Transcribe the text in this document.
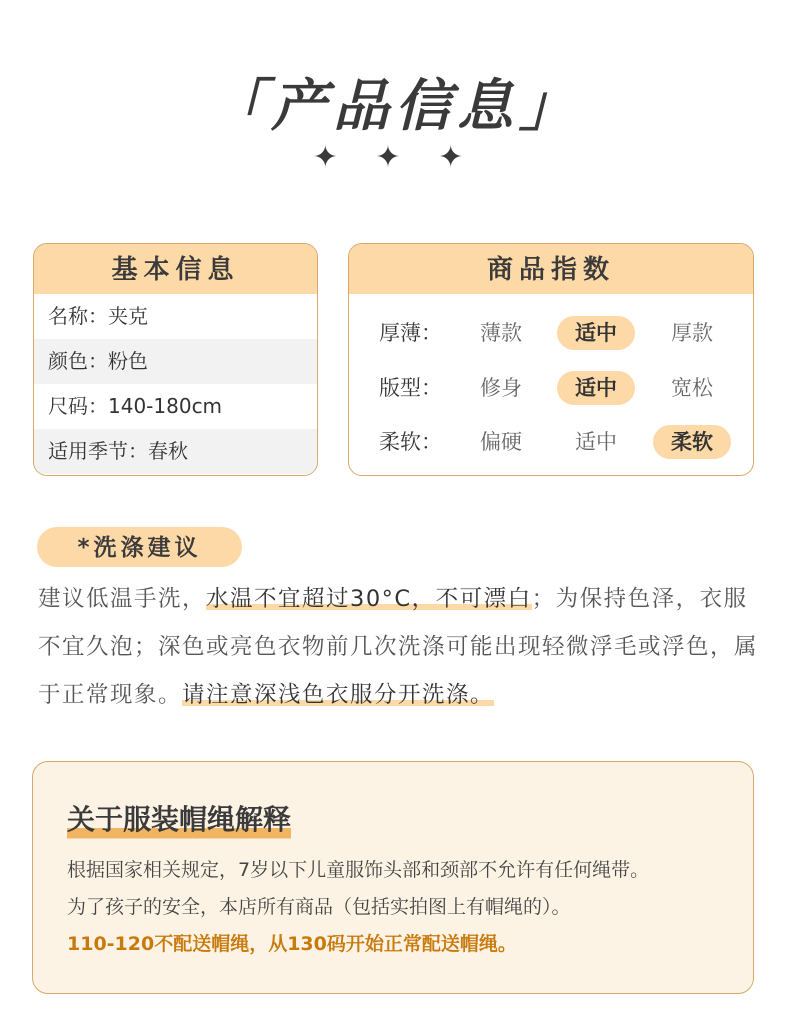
「产品信息」
✦ ✦ ✦
基本信息
名称：夹克
颜色：粉色
尺码：140-180cm
适用季节：春秋
商品指数
厚薄：	薄款	适中	厚款
版型：	修身	适中	宽松
柔软：	偏硬	适中	柔软
*洗涤建议
建议低温手洗，水温不宜超过30°C，不可漂白；为保持色泽，衣服不宜久泡；深色或亮色衣物前几次洗涤可能出现轻微浮毛或浮色，属于正常现象。请注意深浅色衣服分开洗涤。
关于服装帽绳解释
根据国家相关规定，7岁以下儿童服饰头部和颈部不允许有任何绳带。
为了孩子的安全，本店所有商品（包括实拍图上有帽绳的）。
110-120不配送帽绳，从130码开始正常配送帽绳。
